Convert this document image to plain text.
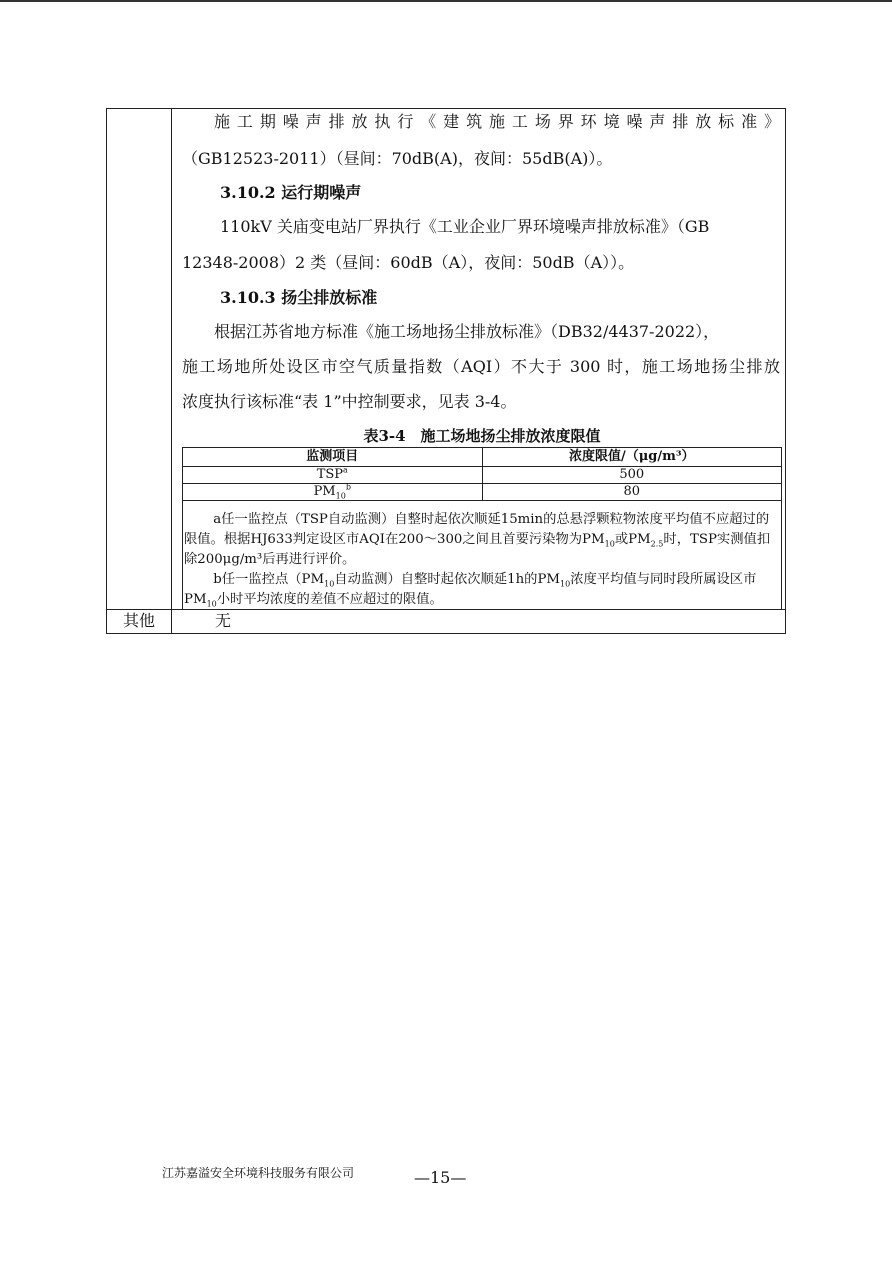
施工期噪声排放执行《建筑施工场界环境噪声排放标准》
（GB12523-2011）（昼间：70dB(A)，夜间：55dB(A)）。
3.10.2 运行期噪声
110kV 关庙变电站厂界执行《工业企业厂界环境噪声排放标准》（GB
12348-2008）2 类（昼间：60dB（A），夜间：50dB（A））。
3.10.3 扬尘排放标准
根据江苏省地方标准《施工场地扬尘排放标准》（DB32/4437-2022），
施工场地所处设区市空气质量指数（AQI）不大于 300 时，施工场地扬尘排放
浓度执行该标准“表 1”中控制要求，见表 3-4。
表3-4　施工场地扬尘排放浓度限值
监测项目	浓度限值/（μg/m³）
TSP$^a$	500
$PM_{10}^b$	80

a任一监控点（TSP自动监测）自整时起依次顺延15min的总悬浮颗粒物浓度平均值不应超过的限值。根据HJ633判定设区市AQI在200～300之间且首要污染物为$PM_{10}$或$PM_{2.5}$时，TSP实测值扣除200μg/m³后再进行评价。

b任一监控点（$PM_{10}$自动监测）自整时起依次顺延1h的$PM_{10}$浓度平均值与同时段所属设区市$PM_{10}$小时平均浓度的差值不应超过的限值。

其他	无
江苏嘉溢安全环境科技服务有限公司	—15—
